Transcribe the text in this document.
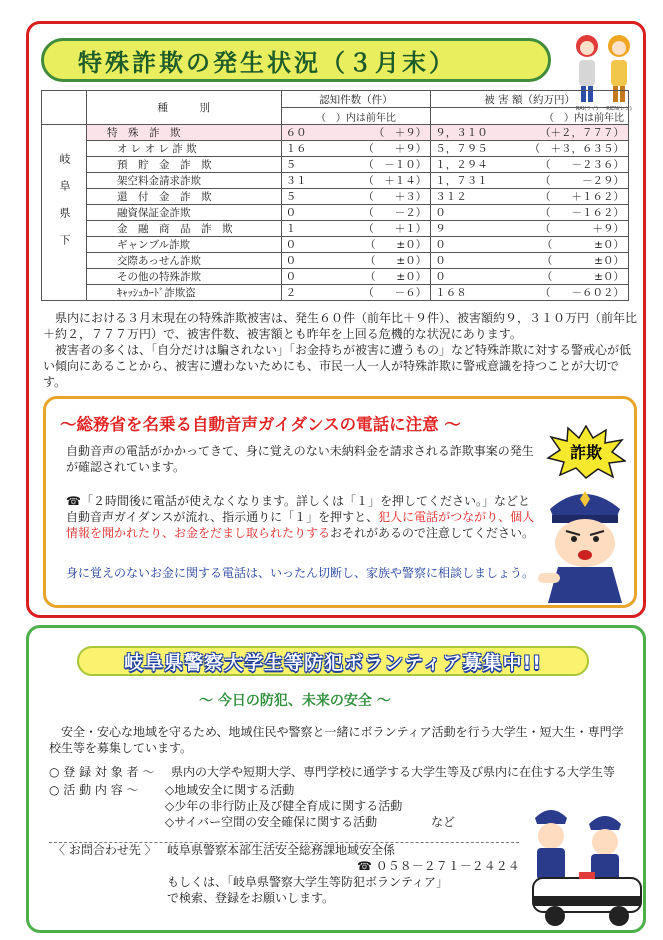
特殊詐欺の発生状況（３月末）
RAI(ライ) RIEN(レン)
	種　　　別	認知件数（件）	被 害 額（約万円）
		（　）内は前年比	（　）内は前年比
岐阜県下	特　殊　詐　欺	６０ （　＋９）	９，３１０ （＋２，７７７）

	オ レ オ レ 詐 欺	１６ （　　＋９）	５，７９５ （　＋３，６３５）

	預　貯　金　詐　欺	５ （　－１０）	１，２９４ （　　－２３６）

	架空料金請求詐欺	３１ （　＋１４）	１，７３１ （　　　－２９）

	還　付　金　詐　欺	５ （　　＋３）	３１２ （　　＋１６２）

	融資保証金詐欺	０ （　　－２）	０ （　　－１６２）

	金　融　商　品　詐　欺	１ （　　＋１）	９ （　　　　＋９）

	ギャンブル詐欺	０ （　　±０）	０ （　　　　±０）

	交際あっせん詐欺	０ （　　±０）	０ （　　　　±０）

	その他の特殊詐欺	０ （　　±０）	０ （　　　　±０）

	ｷｬｯｼｭｶｰﾄﾞ詐欺盗	２ （　　－６）	１６８ （　　－６０２）

県内における３月末現在の特殊詐欺被害は、発生６０件（前年比＋９件）、被害額約９，３１０万円（前年比＋約２，７７７万円）で、被害件数、被害額とも昨年を上回る危機的な状況にあります。

被害者の多くは、「自分だけは騙されない」「お金持ちが被害に遭うもの」など特殊詐欺に対する警戒心が低い傾向にあることから、被害に遭わないためにも、市民一人一人が特殊詐欺に警戒意識を持つことが大切です。

～総務省を名乗る自動音声ガイダンスの電話に注意 ～
詐欺
自動音声の電話がかかってきて、身に覚えのない未納料金を請求される詐欺事案の発生が確認されています。
☎「２時間後に電話が使えなくなります。詳しくは「１」を押してください。」などと
自動音声ガイダンスが流れ、指示通りに「１」を押すと、犯人に電話がつながり、個人情報を聞かれたり、お金をだまし取られたりするおそれがあるので注意してください。
身に覚えのないお金に関する電話は、いったん切断し、家族や警察に相談しましょう。
岐阜県警察大学生等防犯ボランティア募集中!!
～ 今日の防犯、未来の安全 ～
安全・安心な地域を守るため、地域住民や警察と一緒にボランティア活動を行う大学生・短大生・専門学校生等を募集しています。
○ 登 録 対 象 者 ～ 県内の大学や短期大学、専門学校に通学する大学生等及び県内に在住する大学生等
○ 活 動 内 容 ～ ◇地域安全に関する活動
◇少年の非行防止及び健全育成に関する活動
◇サイバー空間の安全確保に関する活動	など
〈 お問合わせ先 〉 岐阜県警察本部生活安全総務課地域安全係
☎ ０５８－２７１－２４２４
もしくは、「岐阜県警察大学生等防犯ボランティア」
で検索、登録をお願いします。
